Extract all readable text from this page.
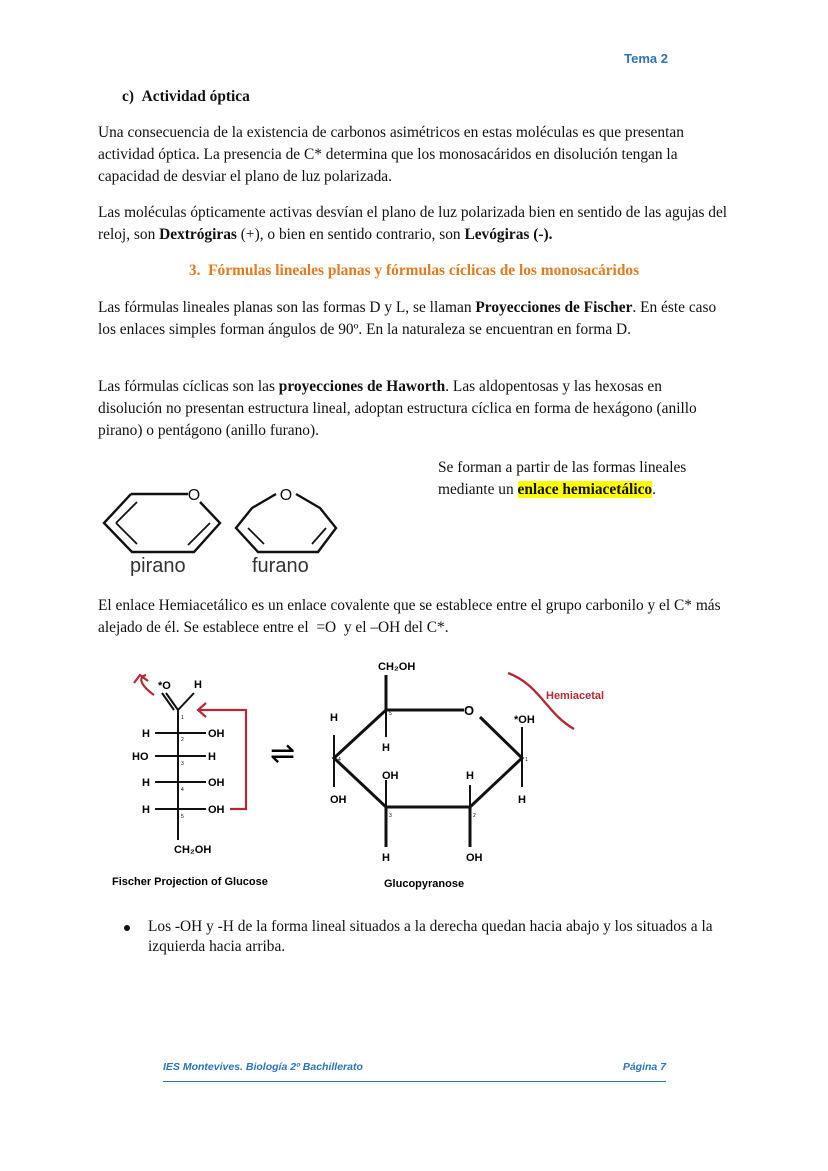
Tema 2
c)  Actividad óptica

Una consecuencia de la existencia de carbonos asimétricos en estas moléculas es que presentan actividad óptica. La presencia de C* determina que los monosacáridos en disolución tengan la capacidad de desviar el plano de luz polarizada.

Las moléculas ópticamente activas desvían el plano de luz polarizada bien en sentido de las agujas del reloj, son Dextrógiras (+), o bien en sentido contrario, son Levógiras (-).

3.  Fórmulas lineales planas y fórmulas cíclicas de los monosacáridos

Las fórmulas lineales planas son las formas D y L, se llaman Proyecciones de Fischer. En éste caso los enlaces simples forman ángulos de 90º. En la naturaleza se encuentran en forma D.

Las fórmulas cíclicas son las proyecciones de Haworth. Las aldopentosas y las hexosas en disolución no presentan estructura lineal, adoptan estructura cíclica en forma de hexágono (anillo pirano) o pentágono (anillo furano).

Se forman a partir de las formas lineales mediante un enlace hemiacetálico.

O
pirano
O
furano

El enlace Hemiacetálico es un enlace covalente que se establece entre el grupo carbonilo y el C* más alejado de él. Se establece entre el  =O  y el –OH del C*.

*O H
H	OH
HO	H
H	OH
H	OH
CH₂OH
1
2
3
4
5
Fischer Projection of Glucose
⇌
CH₂OH
O
H
OH
H
OH
H
H
OH
*OH
H
5
4
3	2
1
Hemiacetal
Glucopyranose
Los -OH y -H de la forma lineal situados a la derecha quedan hacia abajo y los situados a la izquierda hacia arriba.
IES Montevives. Biología 2º Bachillerato	Página 7
